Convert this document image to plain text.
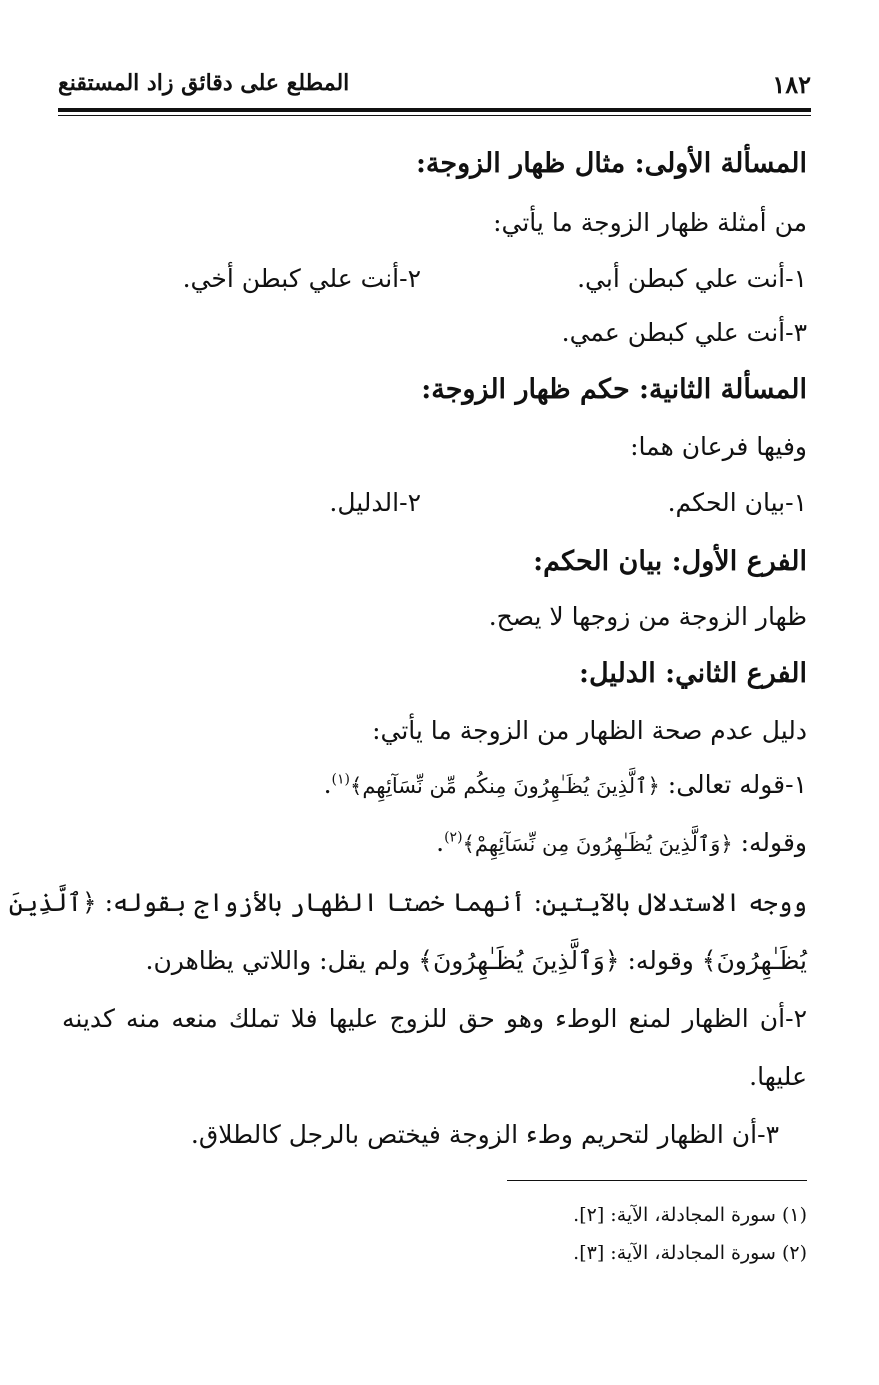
١٨٢
المطلع على دقائق زاد المستقنع
المسألة الأولى: مثال ظهار الزوجة:
من أمثلة ظهار الزوجة ما يأتي:
١-أنت علي كبطن أبي.
٢-أنت علي كبطن أخي.
٣-أنت علي كبطن عمي.
المسألة الثانية: حكم ظهار الزوجة:
وفيها فرعان هما:
١-بيان الحكم.
٢-الدليل.
الفرع الأول: بيان الحكم:
ظهار الزوجة من زوجها لا يصح.
الفرع الثاني: الدليل:
دليل عدم صحة الظهار من الزوجة ما يأتي:
١-قوله تعالى: ﴿ٱلَّذِينَ يُظَـٰهِرُونَ مِنكُم مِّن نِّسَآئِهِم﴾$^{(١)}$.
وقوله: ﴿وَٱلَّذِينَ يُظَـٰهِرُونَ مِن نِّسَآئِهِمْ﴾$^{(٢)}$.
ووجه الاستدلال بالآيتين: أنهما خصتا الظهار بالأزواج بقوله: ﴿ٱلَّذِينَ
يُظَـٰهِرُونَ﴾ وقوله: ﴿وَٱلَّذِينَ يُظَـٰهِرُونَ﴾ ولم يقل: واللاتي يظاهرن.
٢-أن الظهار لمنع الوطء وهو حق للزوج عليها فلا تملك منعه منه كدينه
عليها.
٣-أن الظهار لتحريم وطء الزوجة فيختص بالرجل كالطلاق.
(١) سورة المجادلة، الآية: [٢].
(٢) سورة المجادلة، الآية: [٣].
